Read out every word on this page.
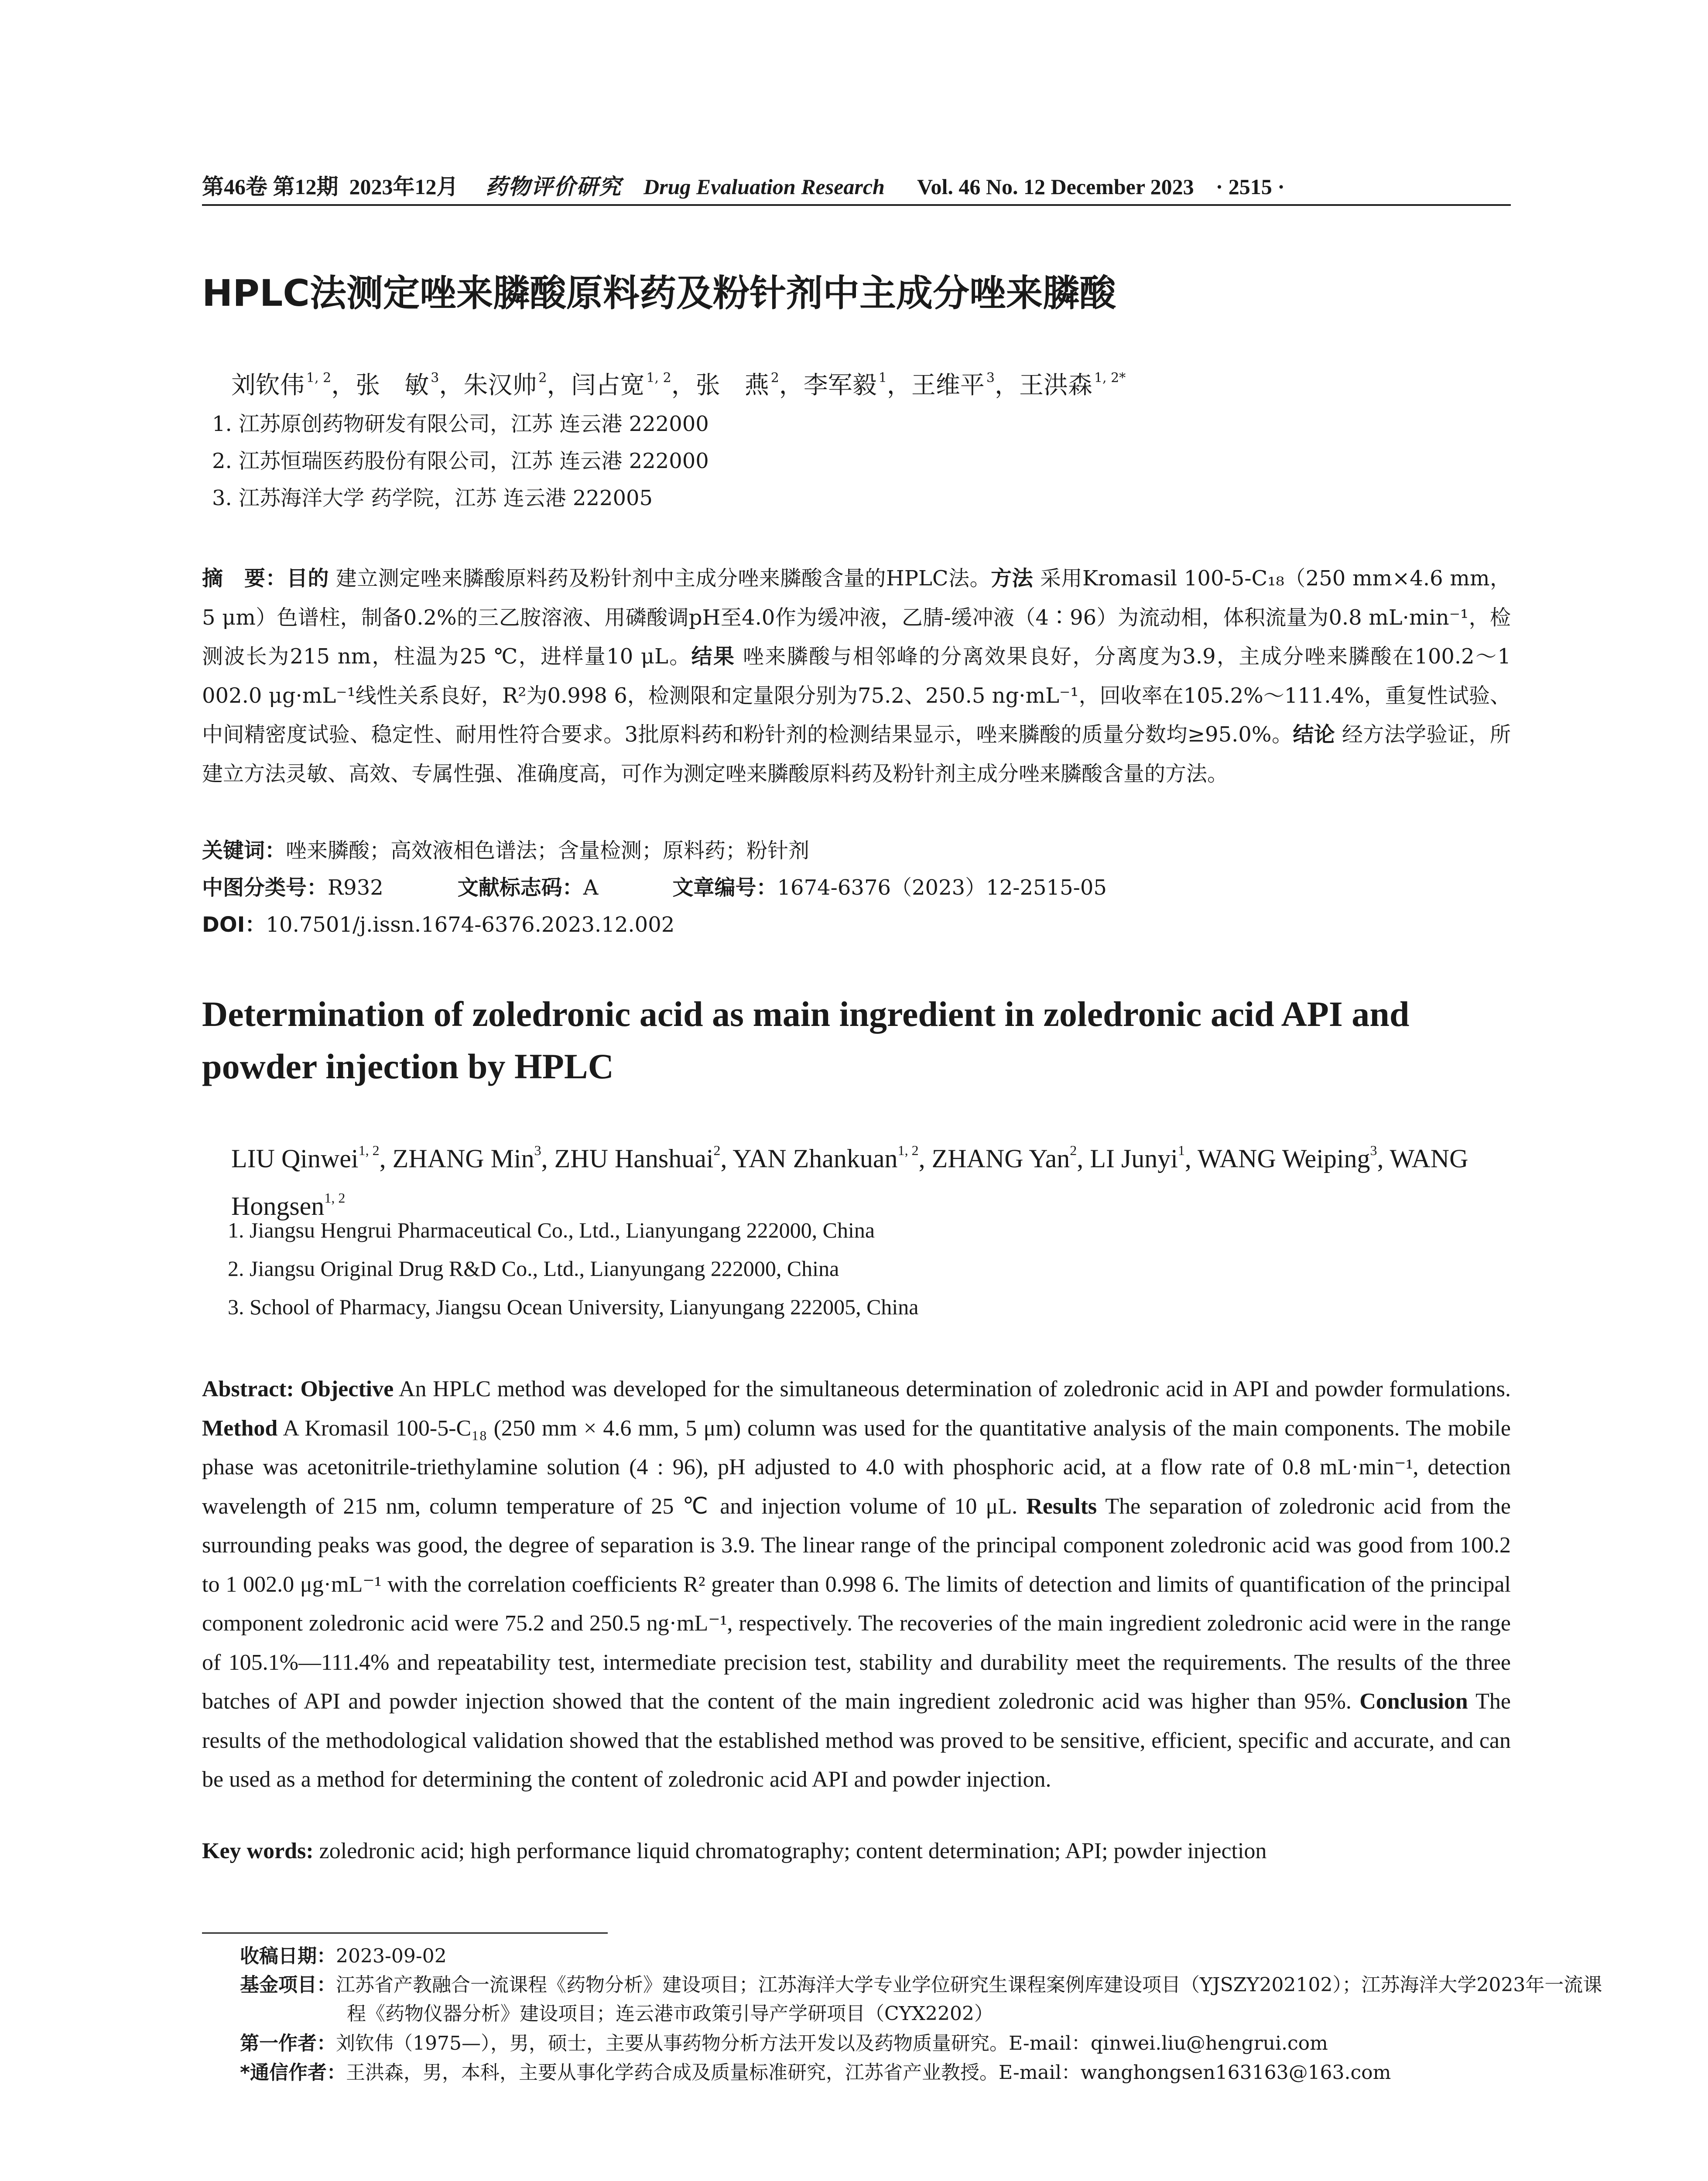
第46卷 第12期 2023年12月 药物评价研究 Drug Evaluation Research Vol. 46 No. 12 December 2023 · 2515 ·
HPLC法测定唑来膦酸原料药及粉针剂中主成分唑来膦酸
刘钦伟 $^{1, 2}$，张　敏 $^3$，朱汉帅 $^2$，闫占宽 $^{1, 2}$，张　燕 $^2$，李军毅 $^1$，王维平 $^3$，王洪森 $^{1, 2*}$
1. 江苏原创药物研发有限公司，江苏 连云港 222000
2. 江苏恒瑞医药股份有限公司，江苏 连云港 222000
3. 江苏海洋大学 药学院，江苏 连云港 222005
摘　要：目的 建立测定唑来膦酸原料药及粉针剂中主成分唑来膦酸含量的HPLC法。方法 采用Kromasil 100-5-C₁₈（250 mm×4.6 mm，5 μm）色谱柱，制备0.2%的三乙胺溶液、用磷酸调pH至4.0作为缓冲液，乙腈-缓冲液（4∶96）为流动相，体积流量为0.8 mL·min⁻¹，检测波长为215 nm，柱温为25 ℃，进样量10 μL。结果 唑来膦酸与相邻峰的分离效果良好，分离度为3.9，主成分唑来膦酸在100.2～1 002.0 μg·mL⁻¹线性关系良好，R²为0.998 6，检测限和定量限分别为75.2、250.5 ng·mL⁻¹，回收率在105.2%～111.4%，重复性试验、中间精密度试验、稳定性、耐用性符合要求。3批原料药和粉针剂的检测结果显示，唑来膦酸的质量分数均≥95.0%。结论 经方法学验证，所建立方法灵敏、高效、专属性强、准确度高，可作为测定唑来膦酸原料药及粉针剂主成分唑来膦酸含量的方法。
关键词：唑来膦酸；高效液相色谱法；含量检测；原料药；粉针剂
中图分类号：R932	文献标志码：A	文章编号：1674-6376（2023）12-2515-05
DOI：10.7501/j.issn.1674-6376.2023.12.002
Determination of zoledronic acid as main ingredient in zoledronic acid API and powder injection by HPLC
LIU Qinwei$^{1, 2}$, ZHANG Min$^3$, ZHU Hanshuai$^2$, YAN Zhankuan$^{1, 2}$, ZHANG Yan$^2$, LI Junyi$^1$, WANG Weiping$^3$, WANG Hongsen$^{1, 2}$
1. Jiangsu Hengrui Pharmaceutical Co., Ltd., Lianyungang 222000, China
2. Jiangsu Original Drug R&D Co., Ltd., Lianyungang 222000, China
3. School of Pharmacy, Jiangsu Ocean University, Lianyungang 222005, China
Abstract: Objective An HPLC method was developed for the simultaneous determination of zoledronic acid in API and powder formulations. Method A Kromasil 100-5-C₁₈ (250 mm × 4.6 mm, 5 μm) column was used for the quantitative analysis of the main components. The mobile phase was acetonitrile-triethylamine solution (4 : 96), pH adjusted to 4.0 with phosphoric acid, at a flow rate of 0.8 mL·min⁻¹, detection wavelength of 215 nm, column temperature of 25 ℃ and injection volume of 10 μL. Results The separation of zoledronic acid from the surrounding peaks was good, the degree of separation is 3.9. The linear range of the principal component zoledronic acid was good from 100.2 to 1 002.0 μg·mL⁻¹ with the correlation coefficients R² greater than 0.998 6. The limits of detection and limits of quantification of the principal component zoledronic acid were 75.2 and 250.5 ng·mL⁻¹, respectively. The recoveries of the main ingredient zoledronic acid were in the range of 105.1%—111.4% and repeatability test, intermediate precision test, stability and durability meet the requirements. The results of the three batches of API and powder injection showed that the content of the main ingredient zoledronic acid was higher than 95%. Conclusion The results of the methodological validation showed that the established method was proved to be sensitive, efficient, specific and accurate, and can be used as a method for determining the content of zoledronic acid API and powder injection.
Key words: zoledronic acid; high performance liquid chromatography; content determination; API; powder injection
收稿日期：2023-09-02
基金项目：江苏省产教融合一流课程《药物分析》建设项目；江苏海洋大学专业学位研究生课程案例库建设项目（YJSZY202102）；江苏海洋大学2023年一流课程《药物仪器分析》建设项目；连云港市政策引导产学研项目（CYX2202）
第一作者：刘钦伟（1975—），男，硕士，主要从事药物分析方法开发以及药物质量研究。E-mail：qinwei.liu@hengrui.com
*通信作者：王洪森，男，本科，主要从事化学药合成及质量标准研究，江苏省产业教授。E-mail：wanghongsen163163@163.com
